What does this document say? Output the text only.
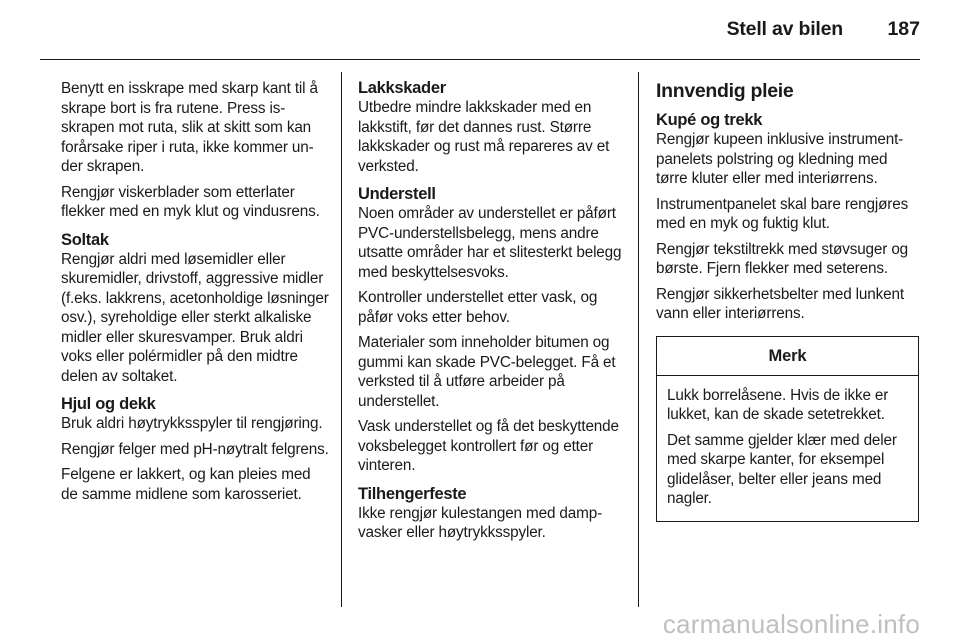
Stell av bilen 187

Benytt en isskrape med skarp kant til å skrape bort is fra rutene. Press isskrapen mot ruta, slik at skitt som kan forårsake riper i ruta, ikke kommer under skrapen.

Rengjør viskerblader som etterlater flekker med en myk klut og vindusrens.

Soltak

Rengjør aldri med løsemidler eller skuremidler, drivstoff, aggressive midler (f.eks. lakkrens, acetonholdige løsninger osv.), syreholdige eller sterkt alkaliske midler eller skuresvamper. Bruk aldri voks eller polérmidler på den midtre delen av soltaket.

Hjul og dekk

Bruk aldri høytrykksspyler til rengjøring.

Rengjør felger med pH-nøytralt felgrens.

Felgene er lakkert, og kan pleies med de samme midlene som karosseriet.

Lakkskader

Utbedre mindre lakkskader med en lakkstift, før det dannes rust. Større lakkskader og rust må repareres av et verksted.

Understell

Noen områder av understellet er påført PVC-understellsbelegg, mens andre utsatte områder har et slitesterkt belegg med beskyttelsesvoks.

Kontroller understellet etter vask, og påfør voks etter behov.

Materialer som inneholder bitumen og gummi kan skade PVC-belegget. Få et verksted til å utføre arbeider på understellet.

Vask understellet og få det beskyttende voksbelegget kontrollert før og etter vinteren.

Tilhengerfeste

Ikke rengjør kulestangen med dampvasker eller høytrykksspyler.

Innvendig pleie
Kupé og trekk

Rengjør kupeen inklusive instrumentpanelets polstring og kledning med tørre kluter eller med interiørrens.

Instrumentpanelet skal bare rengjøres med en myk og fuktig klut.

Rengjør tekstiltrekk med støvsuger og børste. Fjern flekker med seterens.

Rengjør sikkerhetsbelter med lunkent vann eller interiørrens.

Merk

Lukk borrelåsene. Hvis de ikke er lukket, kan de skade setetrekket.

Det samme gjelder klær med deler med skarpe kanter, for eksempel glidelåser, belter eller jeans med nagler.

carmanualsonline.info
